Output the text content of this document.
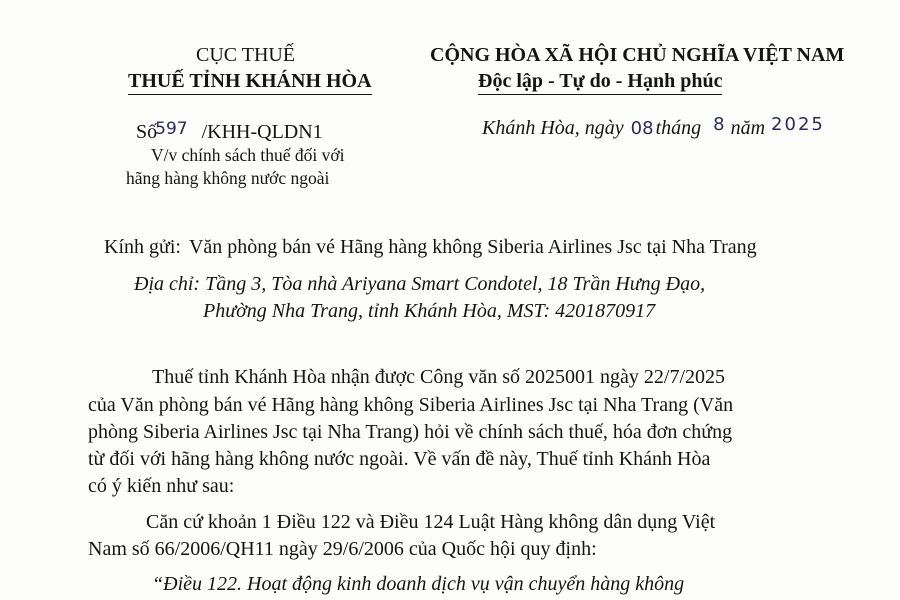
CỤC THUẾ
THUẾ TỈNH KHÁNH HÒA
CỘNG HÒA XÃ HỘI CHỦ NGHĨA VIỆT NAM
Độc lập - Tự do - Hạnh phúc
Số$^{597}$ /KHH-QLDN1
V/v chính sách thuế đối với
hãng hàng không nước ngoài
Khánh Hòa, ngày 08 tháng 8 năm 2025
Kính gửi: Văn phòng bán vé Hãng hàng không Siberia Airlines Jsc tại Nha Trang
Địa chỉ: Tầng 3, Tòa nhà Ariyana Smart Condotel, 18 Trần Hưng Đạo,
Phường Nha Trang, tỉnh Khánh Hòa, MST: 4201870917
Thuế tỉnh Khánh Hòa nhận được Công văn số 2025001 ngày 22/7/2025
của Văn phòng bán vé Hãng hàng không Siberia Airlines Jsc tại Nha Trang (Văn
phòng Siberia Airlines Jsc tại Nha Trang) hỏi về chính sách thuế, hóa đơn chứng
từ đối với hãng hàng không nước ngoài. Về vấn đề này, Thuế tỉnh Khánh Hòa
có ý kiến như sau:
Căn cứ khoản 1 Điều 122 và Điều 124 Luật Hàng không dân dụng Việt
Nam số 66/2006/QH11 ngày 29/6/2006 của Quốc hội quy định:
“Điều 122. Hoạt động kinh doanh dịch vụ vận chuyển hàng không
